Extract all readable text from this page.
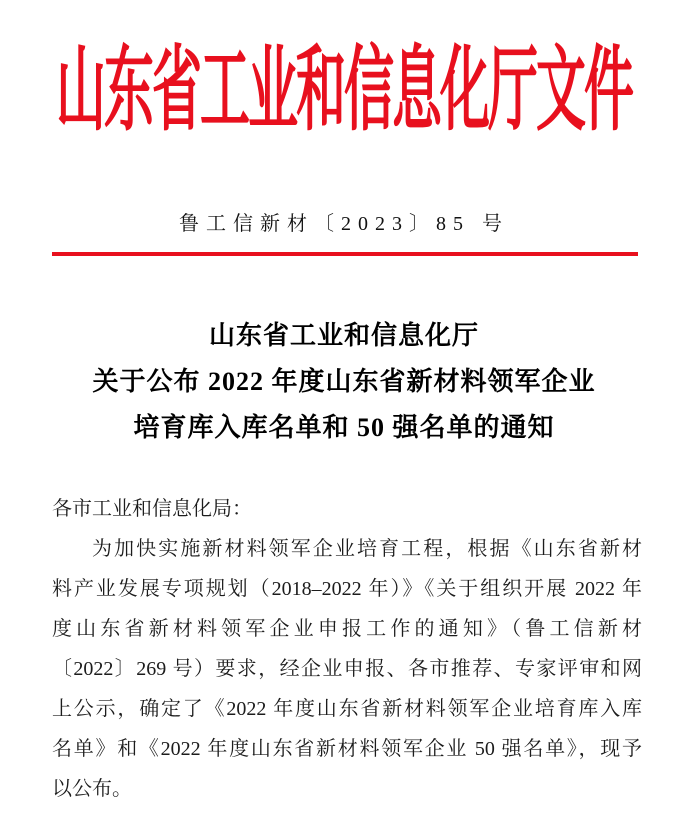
山东省工业和信息化厅文件
鲁工信新材〔2023〕85 号
山东省工业和信息化厅
关于公布 2022 年度山东省新材料领军企业
培育库入库名单和 50 强名单的通知
各市工业和信息化局：
为加快实施新材料领军企业培育工程，根据《山东省新材
料产业发展专项规划（2018–2022 年）》《关于组织开展 2022 年
度山东省新材料领军企业申报工作的通知》（鲁工信新材
〔2022〕269 号）要求，经企业申报、各市推荐、专家评审和网
上公示，确定了《2022 年度山东省新材料领军企业培育库入库
名单》和《2022 年度山东省新材料领军企业 50 强名单》，现予
以公布。
